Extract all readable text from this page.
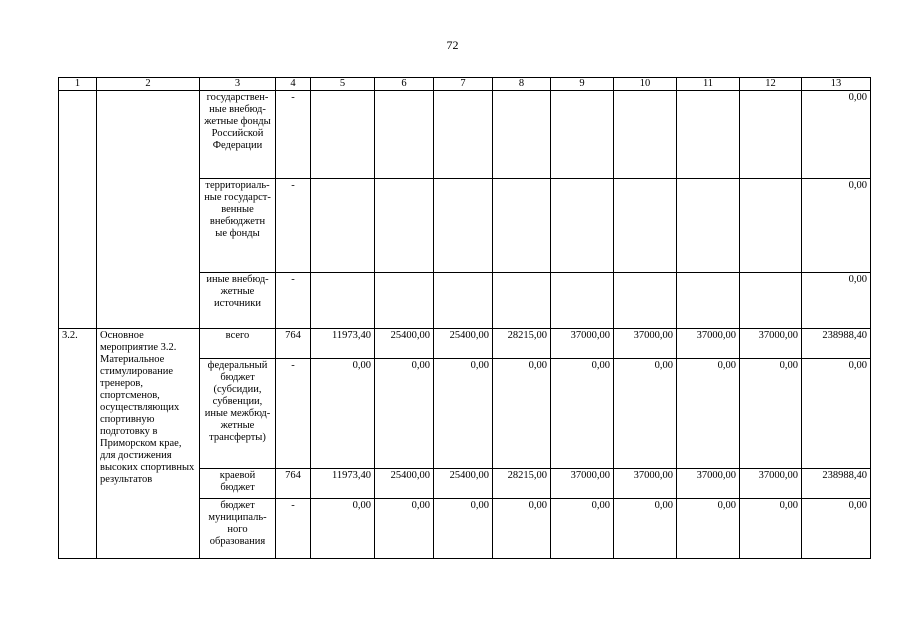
72
1	2	3	4	5	6	7	8	9	10	11	12	13
		государствен-ные внебюд-жетные фонды Российской Федерации	-									0,00
		территориаль-ные государст-венные внебюджетн ые фонды	-									0,00
		иные внебюд-жетные источники	-									0,00
3.2.	Основное мероприятие 3.2. Материальное стимулирование тренеров, спортсменов, осуществляющих спортивную подготовку в Приморском крае, для достижения высоких спортивных результатов	всего	764	11973,40	25400,00	25400,00	28215,00	37000,00	37000,00	37000,00	37000,00	238988,40
		федеральный бюджет (субсидии, субвенции, иные межбюд-жетные трансферты)	-	0,00	0,00	0,00	0,00	0,00	0,00	0,00	0,00	0,00
		краевой бюджет	764	11973,40	25400,00	25400,00	28215,00	37000,00	37000,00	37000,00	37000,00	238988,40
		бюджет муниципаль-ного образования	-	0,00	0,00	0,00	0,00	0,00	0,00	0,00	0,00	0,00
